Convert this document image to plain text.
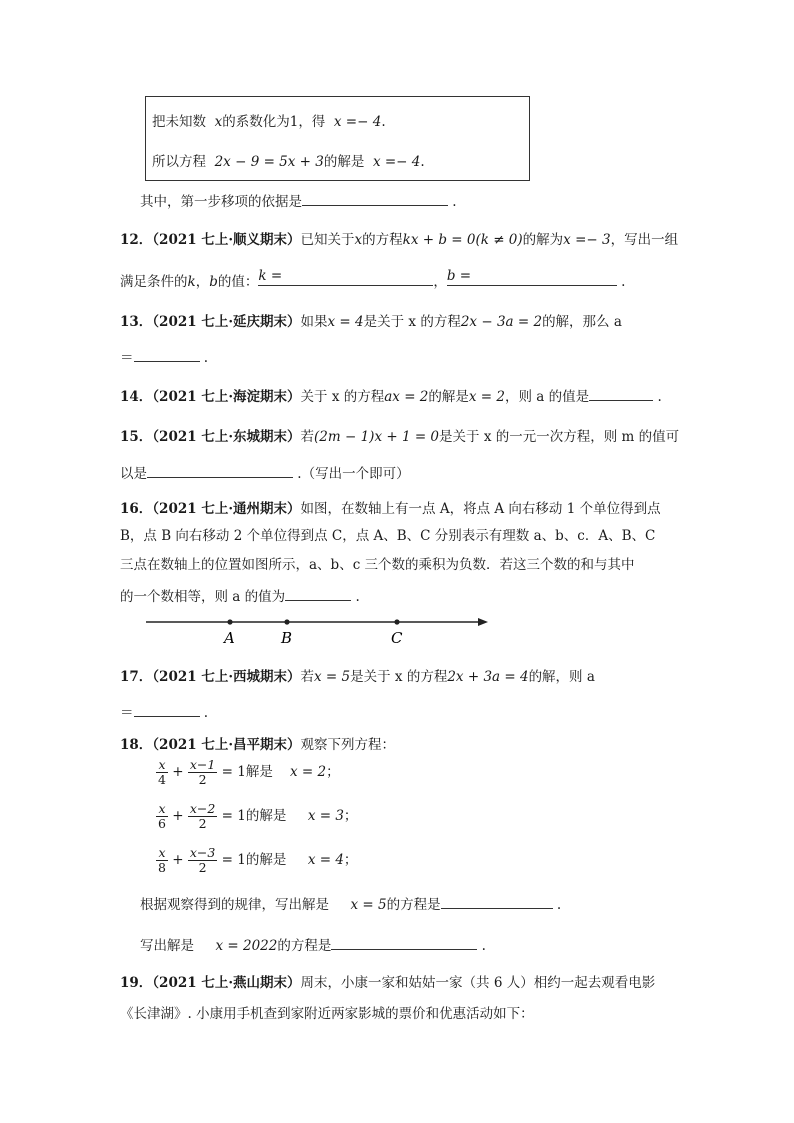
把未知数 x的系数化为1，得 x =− 4.
所以方程 2x − 9 = 5x + 3的解是 x =− 4.
其中，第一步移项的依据是	.
12．（2021 七上·顺义期末）已知关于x的方程kx + b = 0(k ≠ 0)的解为x =− 3，写出一组
满足条件的k，b的值： k =	， b =	.
13．（2021 七上·延庆期末）如果x = 4是关于 x 的方程2x − 3a = 2的解，那么 a
＝	.
14．（2021 七上·海淀期末）关于 x 的方程ax = 2的解是x = 2，则 a 的值是	.
15．（2021 七上·东城期末）若(2m − 1)x + 1 = 0是关于 x 的一元一次方程，则 m 的值可
以是	.（写出一个即可）
16．（2021 七上·通州期末）如图，在数轴上有一点 A，将点 A 向右移动 1 个单位得到点
B，点 B 向右移动 2 个单位得到点 C，点 A、B、C 分别表示有理数 a、b、c．A、B、C
三点在数轴上的位置如图所示，a、b、c 三个数的乘积为负数．若这三个数的和与其中
的一个数相等，则 a 的值为	.
A	B	C
17．（2021 七上·西城期末）若x = 5是关于 x 的方程2x + 3a = 4的解，则 a
＝	.
18．（2021 七上·昌平期末）观察下列方程：
$\frac{x}{4} + \frac{x-1}{2} = 1$解是 x = 2；
$\frac{x}{6} + \frac{x-2}{2} = 1$的解是 x = 3；
$\frac{x}{8} + \frac{x-3}{2} = 1$的解是 x = 4；
根据观察得到的规律，写出解是 x = 5的方程是	.
写出解是 x = 2022的方程是	.
19．（2021 七上·燕山期末）周末，小康一家和姑姑一家（共 6 人）相约一起去观看电影
《长津湖》. 小康用手机查到家附近两家影城的票价和优惠活动如下：
